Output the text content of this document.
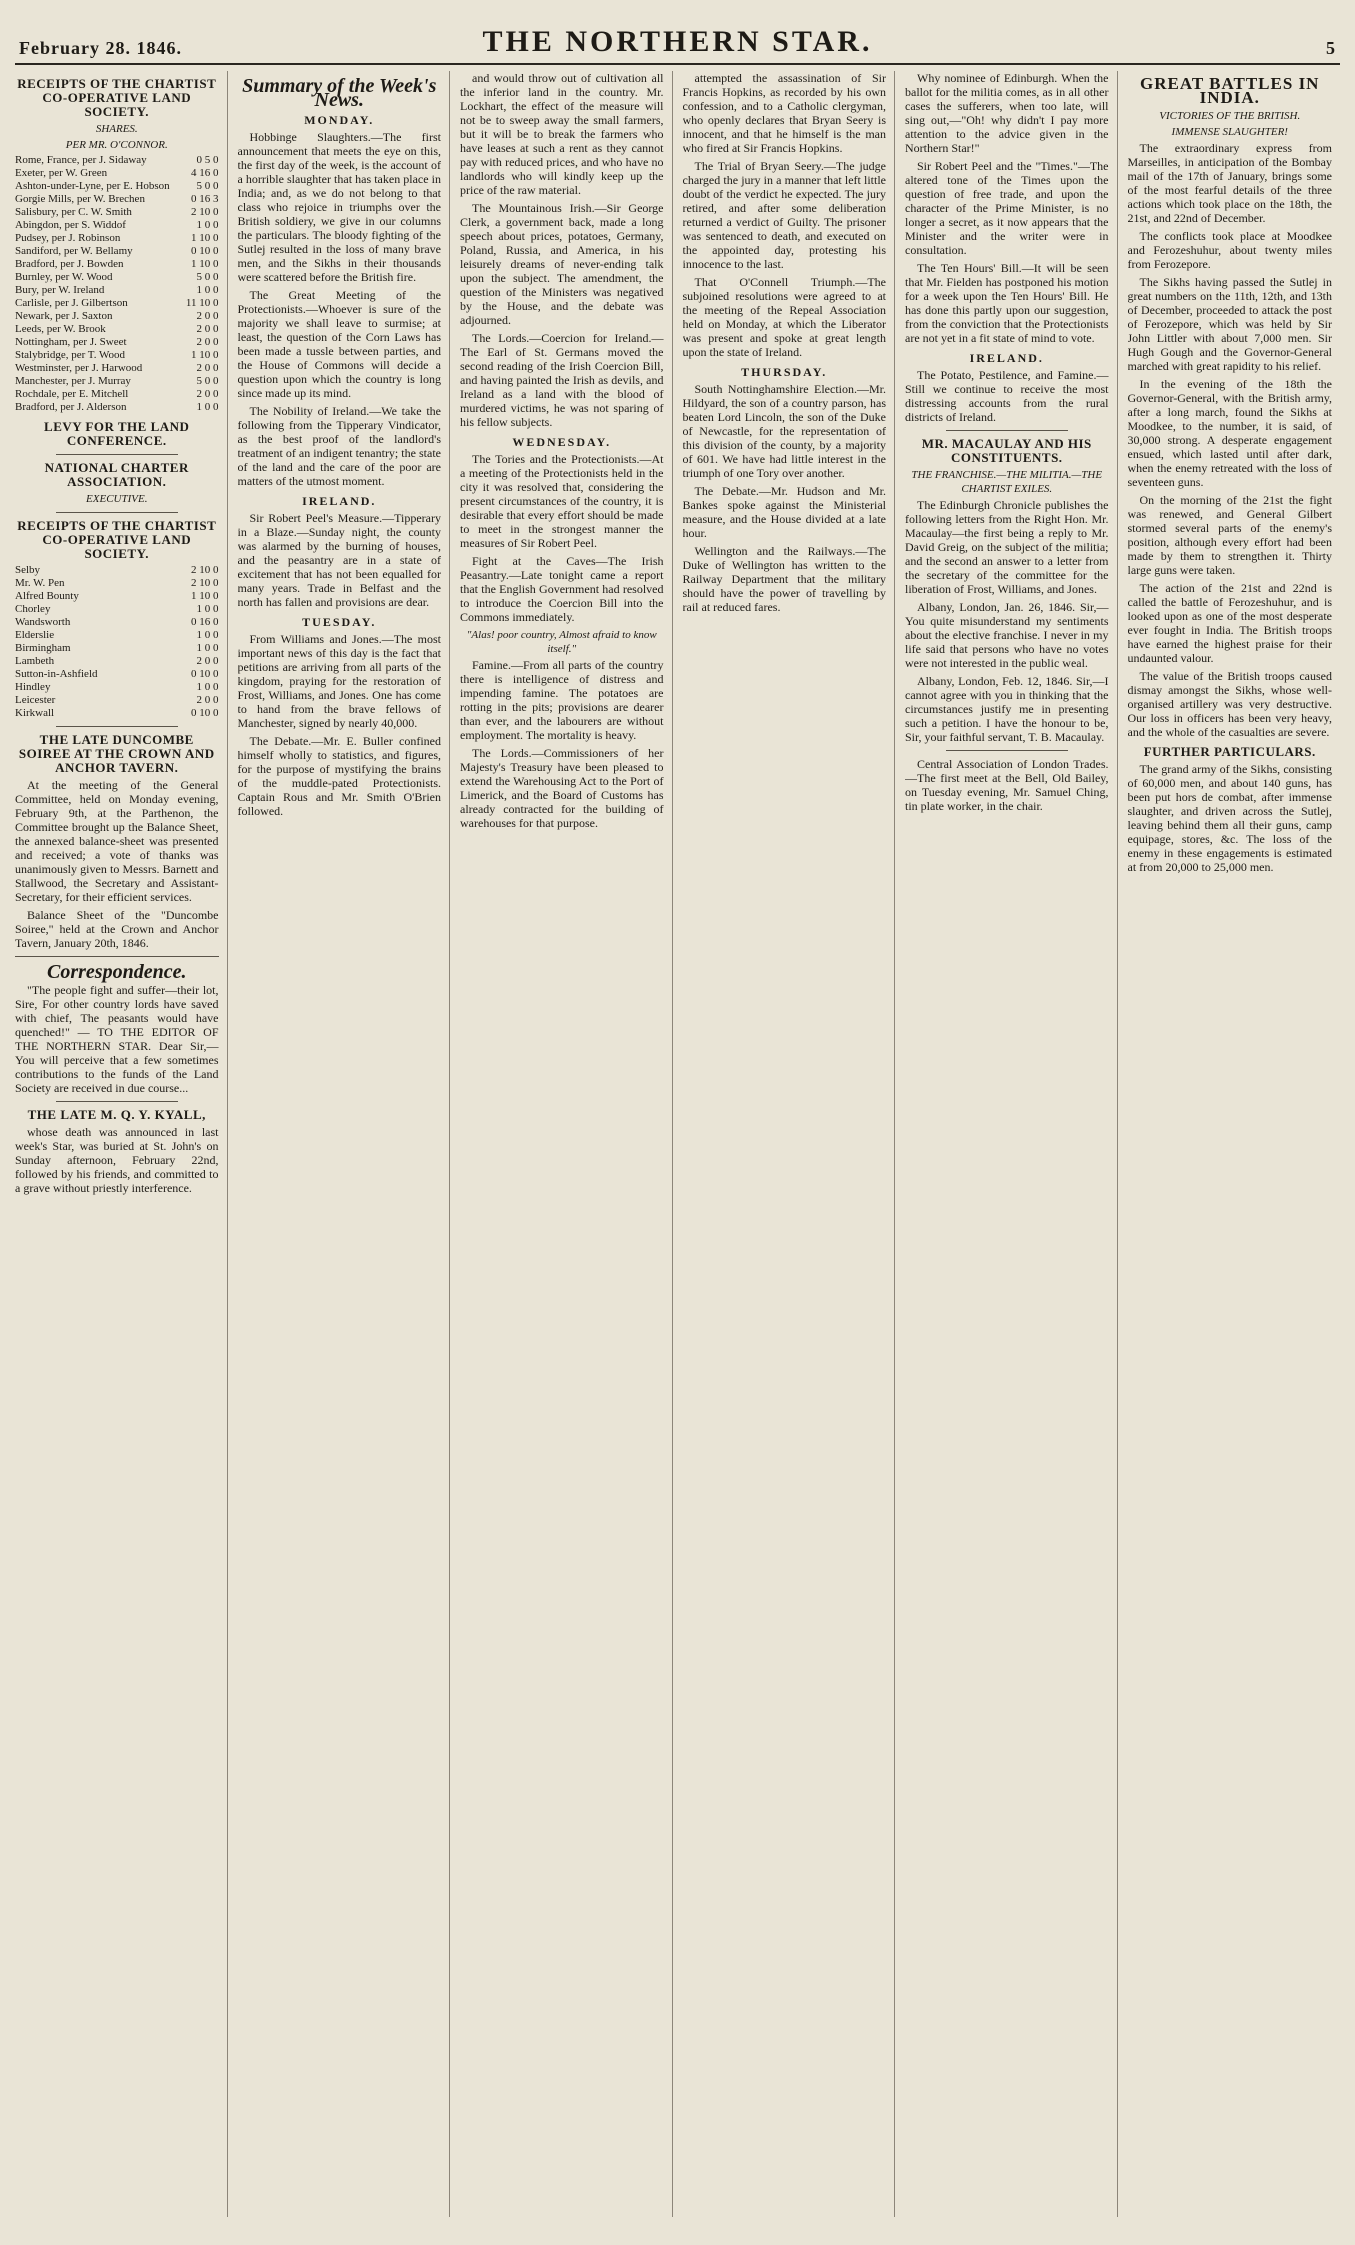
February 28. 1846.	THE NORTHERN STAR.	5
RECEIPTS OF THE CHARTIST CO-OPERATIVE LAND SOCIETY.
SHARES.
PER MR. O'CONNOR.
Rome, France, per J. Sidaway	0 5 0
Exeter, per W. Green	4 16 0
Ashton-under-Lyne, per E. Hobson	5 0 0
Gorgie Mills, per W. Brechen	0 16 3
Salisbury, per C. W. Smith	2 10 0
Abingdon, per S. Widdof	1 0 0
Pudsey, per J. Robinson	1 10 0
Sandiford, per W. Bellamy	0 10 0
Bradford, per J. Bowden	1 10 0
Burnley, per W. Wood	5 0 0
Bury, per W. Ireland	1 0 0
Carlisle, per J. Gilbertson	11 10 0
Newark, per J. Saxton	2 0 0
Leeds, per W. Brook	2 0 0
Nottingham, per J. Sweet	2 0 0
Stalybridge, per T. Wood	1 10 0
Westminster, per J. Harwood	2 0 0
Manchester, per J. Murray	5 0 0
Rochdale, per E. Mitchell	2 0 0
Bradford, per J. Alderson	1 0 0
LEVY FOR THE LAND CONFERENCE.
NATIONAL CHARTER ASSOCIATION.
EXECUTIVE.
RECEIPTS OF THE CHARTIST CO-OPERATIVE LAND SOCIETY.
Selby	2 10 0
Mr. W. Pen	2 10 0
Alfred Bounty	1 10 0
Chorley	1 0 0
Wandsworth	0 16 0
Elderslie	1 0 0
Birmingham	1 0 0
Lambeth	2 0 0
Sutton-in-Ashfield	0 10 0
Hindley	1 0 0
Leicester	2 0 0
Kirkwall	0 10 0
THE LATE DUNCOMBE SOIREE AT THE CROWN AND ANCHOR TAVERN.

At the meeting of the General Committee, held on Monday evening, February 9th, at the Parthenon, the Committee brought up the Balance Sheet, the annexed balance-sheet was presented and received; a vote of thanks was unanimously given to Messrs. Barnett and Stallwood, the Secretary and Assistant-Secretary, for their efficient services.

Balance Sheet of the "Duncombe Soiree," held at the Crown and Anchor Tavern, January 20th, 1846.

Correspondence.

"The people fight and suffer—their lot, Sire, For other country lords have saved with chief, The peasants would have quenched!" — TO THE EDITOR OF THE NORTHERN STAR. Dear Sir,—You will perceive that a few sometimes contributions to the funds of the Land Society are received in due course...

THE LATE M. Q. Y. KYALL,

whose death was announced in last week's Star, was buried at St. John's on Sunday afternoon, February 22nd, followed by his friends, and committed to a grave without priestly interference.

Summary of the Week's News.
MONDAY.

Hobbinge Slaughters.—The first announcement that meets the eye on this, the first day of the week, is the account of a horrible slaughter that has taken place in India; and, as we do not belong to that class who rejoice in triumphs over the British soldiery, we give in our columns the particulars. The bloody fighting of the Sutlej resulted in the loss of many brave men, and the Sikhs in their thousands were scattered before the British fire.

The Great Meeting of the Protectionists.—Whoever is sure of the majority we shall leave to surmise; at least, the question of the Corn Laws has been made a tussle between parties, and the House of Commons will decide a question upon which the country is long since made up its mind.

The Nobility of Ireland.—We take the following from the Tipperary Vindicator, as the best proof of the landlord's treatment of an indigent tenantry; the state of the land and the care of the poor are matters of the utmost moment.

IRELAND.

Sir Robert Peel's Measure.—Tipperary in a Blaze.—Sunday night, the county was alarmed by the burning of houses, and the peasantry are in a state of excitement that has not been equalled for many years. Trade in Belfast and the north has fallen and provisions are dear.

TUESDAY.

From Williams and Jones.—The most important news of this day is the fact that petitions are arriving from all parts of the kingdom, praying for the restoration of Frost, Williams, and Jones. One has come to hand from the brave fellows of Manchester, signed by nearly 40,000.

The Debate.—Mr. E. Buller confined himself wholly to statistics, and figures, for the purpose of mystifying the brains of the muddle-pated Protectionists. Captain Rous and Mr. Smith O'Brien followed.

and would throw out of cultivation all the inferior land in the country. Mr. Lockhart, the effect of the measure will not be to sweep away the small farmers, but it will be to break the farmers who have leases at such a rent as they cannot pay with reduced prices, and who have no landlords who will kindly keep up the price of the raw material.

The Mountainous Irish.—Sir George Clerk, a government back, made a long speech about prices, potatoes, Germany, Poland, Russia, and America, in his leisurely dreams of never-ending talk upon the subject. The amendment, the question of the Ministers was negatived by the House, and the debate was adjourned.

The Lords.—Coercion for Ireland.—The Earl of St. Germans moved the second reading of the Irish Coercion Bill, and having painted the Irish as devils, and Ireland as a land with the blood of murdered victims, he was not sparing of his fellow subjects.

WEDNESDAY.

The Tories and the Protectionists.—At a meeting of the Protectionists held in the city it was resolved that, considering the present circumstances of the country, it is desirable that every effort should be made to meet in the strongest manner the measures of Sir Robert Peel.

Fight at the Caves—The Irish Peasantry.—Late tonight came a report that the English Government had resolved to introduce the Coercion Bill into the Commons immediately.

"Alas! poor country, Almost afraid to know itself."

Famine.—From all parts of the country there is intelligence of distress and impending famine. The potatoes are rotting in the pits; provisions are dearer than ever, and the labourers are without employment. The mortality is heavy.

The Lords.—Commissioners of her Majesty's Treasury have been pleased to extend the Warehousing Act to the Port of Limerick, and the Board of Customs has already contracted for the building of warehouses for that purpose.

attempted the assassination of Sir Francis Hopkins, as recorded by his own confession, and to a Catholic clergyman, who openly declares that Bryan Seery is innocent, and that he himself is the man who fired at Sir Francis Hopkins.

The Trial of Bryan Seery.—The judge charged the jury in a manner that left little doubt of the verdict he expected. The jury retired, and after some deliberation returned a verdict of Guilty. The prisoner was sentenced to death, and executed on the appointed day, protesting his innocence to the last.

That O'Connell Triumph.—The subjoined resolutions were agreed to at the meeting of the Repeal Association held on Monday, at which the Liberator was present and spoke at great length upon the state of Ireland.

THURSDAY.

South Nottinghamshire Election.—Mr. Hildyard, the son of a country parson, has beaten Lord Lincoln, the son of the Duke of Newcastle, for the representation of this division of the county, by a majority of 601. We have had little interest in the triumph of one Tory over another.

The Debate.—Mr. Hudson and Mr. Bankes spoke against the Ministerial measure, and the House divided at a late hour.

Wellington and the Railways.—The Duke of Wellington has written to the Railway Department that the military should have the power of travelling by rail at reduced fares.

Why nominee of Edinburgh. When the ballot for the militia comes, as in all other cases the sufferers, when too late, will sing out,—"Oh! why didn't I pay more attention to the advice given in the Northern Star!"

Sir Robert Peel and the "Times."—The altered tone of the Times upon the question of free trade, and upon the character of the Prime Minister, is no longer a secret, as it now appears that the Minister and the writer were in consultation.

The Ten Hours' Bill.—It will be seen that Mr. Fielden has postponed his motion for a week upon the Ten Hours' Bill. He has done this partly upon our suggestion, from the conviction that the Protectionists are not yet in a fit state of mind to vote.

IRELAND.

The Potato, Pestilence, and Famine.—Still we continue to receive the most distressing accounts from the rural districts of Ireland.

MR. MACAULAY AND HIS CONSTITUENTS.
THE FRANCHISE.—THE MILITIA.—THE CHARTIST EXILES.

The Edinburgh Chronicle publishes the following letters from the Right Hon. Mr. Macaulay—the first being a reply to Mr. David Greig, on the subject of the militia; and the second an answer to a letter from the secretary of the committee for the liberation of Frost, Williams, and Jones.

Albany, London, Jan. 26, 1846. Sir,—You quite misunderstand my sentiments about the elective franchise. I never in my life said that persons who have no votes were not interested in the public weal.

Albany, London, Feb. 12, 1846. Sir,—I cannot agree with you in thinking that the circumstances justify me in presenting such a petition. I have the honour to be, Sir, your faithful servant, T. B. Macaulay.

Central Association of London Trades.—The first meet at the Bell, Old Bailey, on Tuesday evening, Mr. Samuel Ching, tin plate worker, in the chair.

GREAT BATTLES IN INDIA.
VICTORIES OF THE BRITISH.
IMMENSE SLAUGHTER!

The extraordinary express from Marseilles, in anticipation of the Bombay mail of the 17th of January, brings some of the most fearful details of the three actions which took place on the 18th, the 21st, and 22nd of December.

The conflicts took place at Moodkee and Ferozeshuhur, about twenty miles from Ferozepore.

The Sikhs having passed the Sutlej in great numbers on the 11th, 12th, and 13th of December, proceeded to attack the post of Ferozepore, which was held by Sir John Littler with about 7,000 men. Sir Hugh Gough and the Governor-General marched with great rapidity to his relief.

In the evening of the 18th the Governor-General, with the British army, after a long march, found the Sikhs at Moodkee, to the number, it is said, of 30,000 strong. A desperate engagement ensued, which lasted until after dark, when the enemy retreated with the loss of seventeen guns.

On the morning of the 21st the fight was renewed, and General Gilbert stormed several parts of the enemy's position, although every effort had been made by them to strengthen it. Thirty large guns were taken.

The action of the 21st and 22nd is called the battle of Ferozeshuhur, and is looked upon as one of the most desperate ever fought in India. The British troops have earned the highest praise for their undaunted valour.

The value of the British troops caused dismay amongst the Sikhs, whose well-organised artillery was very destructive. Our loss in officers has been very heavy, and the whole of the casualties are severe.

FURTHER PARTICULARS.

The grand army of the Sikhs, consisting of 60,000 men, and about 140 guns, has been put hors de combat, after immense slaughter, and driven across the Sutlej, leaving behind them all their guns, camp equipage, stores, &c. The loss of the enemy in these engagements is estimated at from 20,000 to 25,000 men.
